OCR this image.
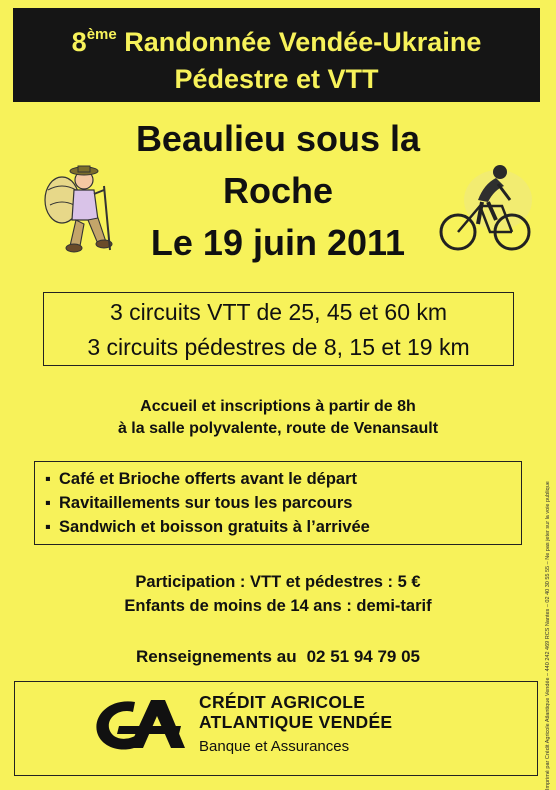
8ème Randonnée Vendée-Ukraine
Pédestre et VTT
Beaulieu sous la
Roche
Le 19 juin 2011
3 circuits VTT de 25, 45 et 60 km
3 circuits pédestres de 8, 15 et 19 km
Accueil et inscriptions à partir de 8h
à la salle polyvalente, route de Venansault
▪ Café et Brioche offerts avant le départ
▪ Ravitaillements sur tous les parcours
▪ Sandwich et boisson gratuits à l’arrivée
Participation : VTT et pédestres : 5 €
Enfants de moins de 14 ans : demi-tarif
Renseignements au 02 51 94 79 05
CRÉDIT AGRICOLE
ATLANTIQUE VENDÉE
Banque et Assurances	Imprimé par Crédit Agricole Atlantique Vendée – 440 242 469 RCS Nantes – 02 40 30 55 55 – Ne pas jeter sur la voie publique
